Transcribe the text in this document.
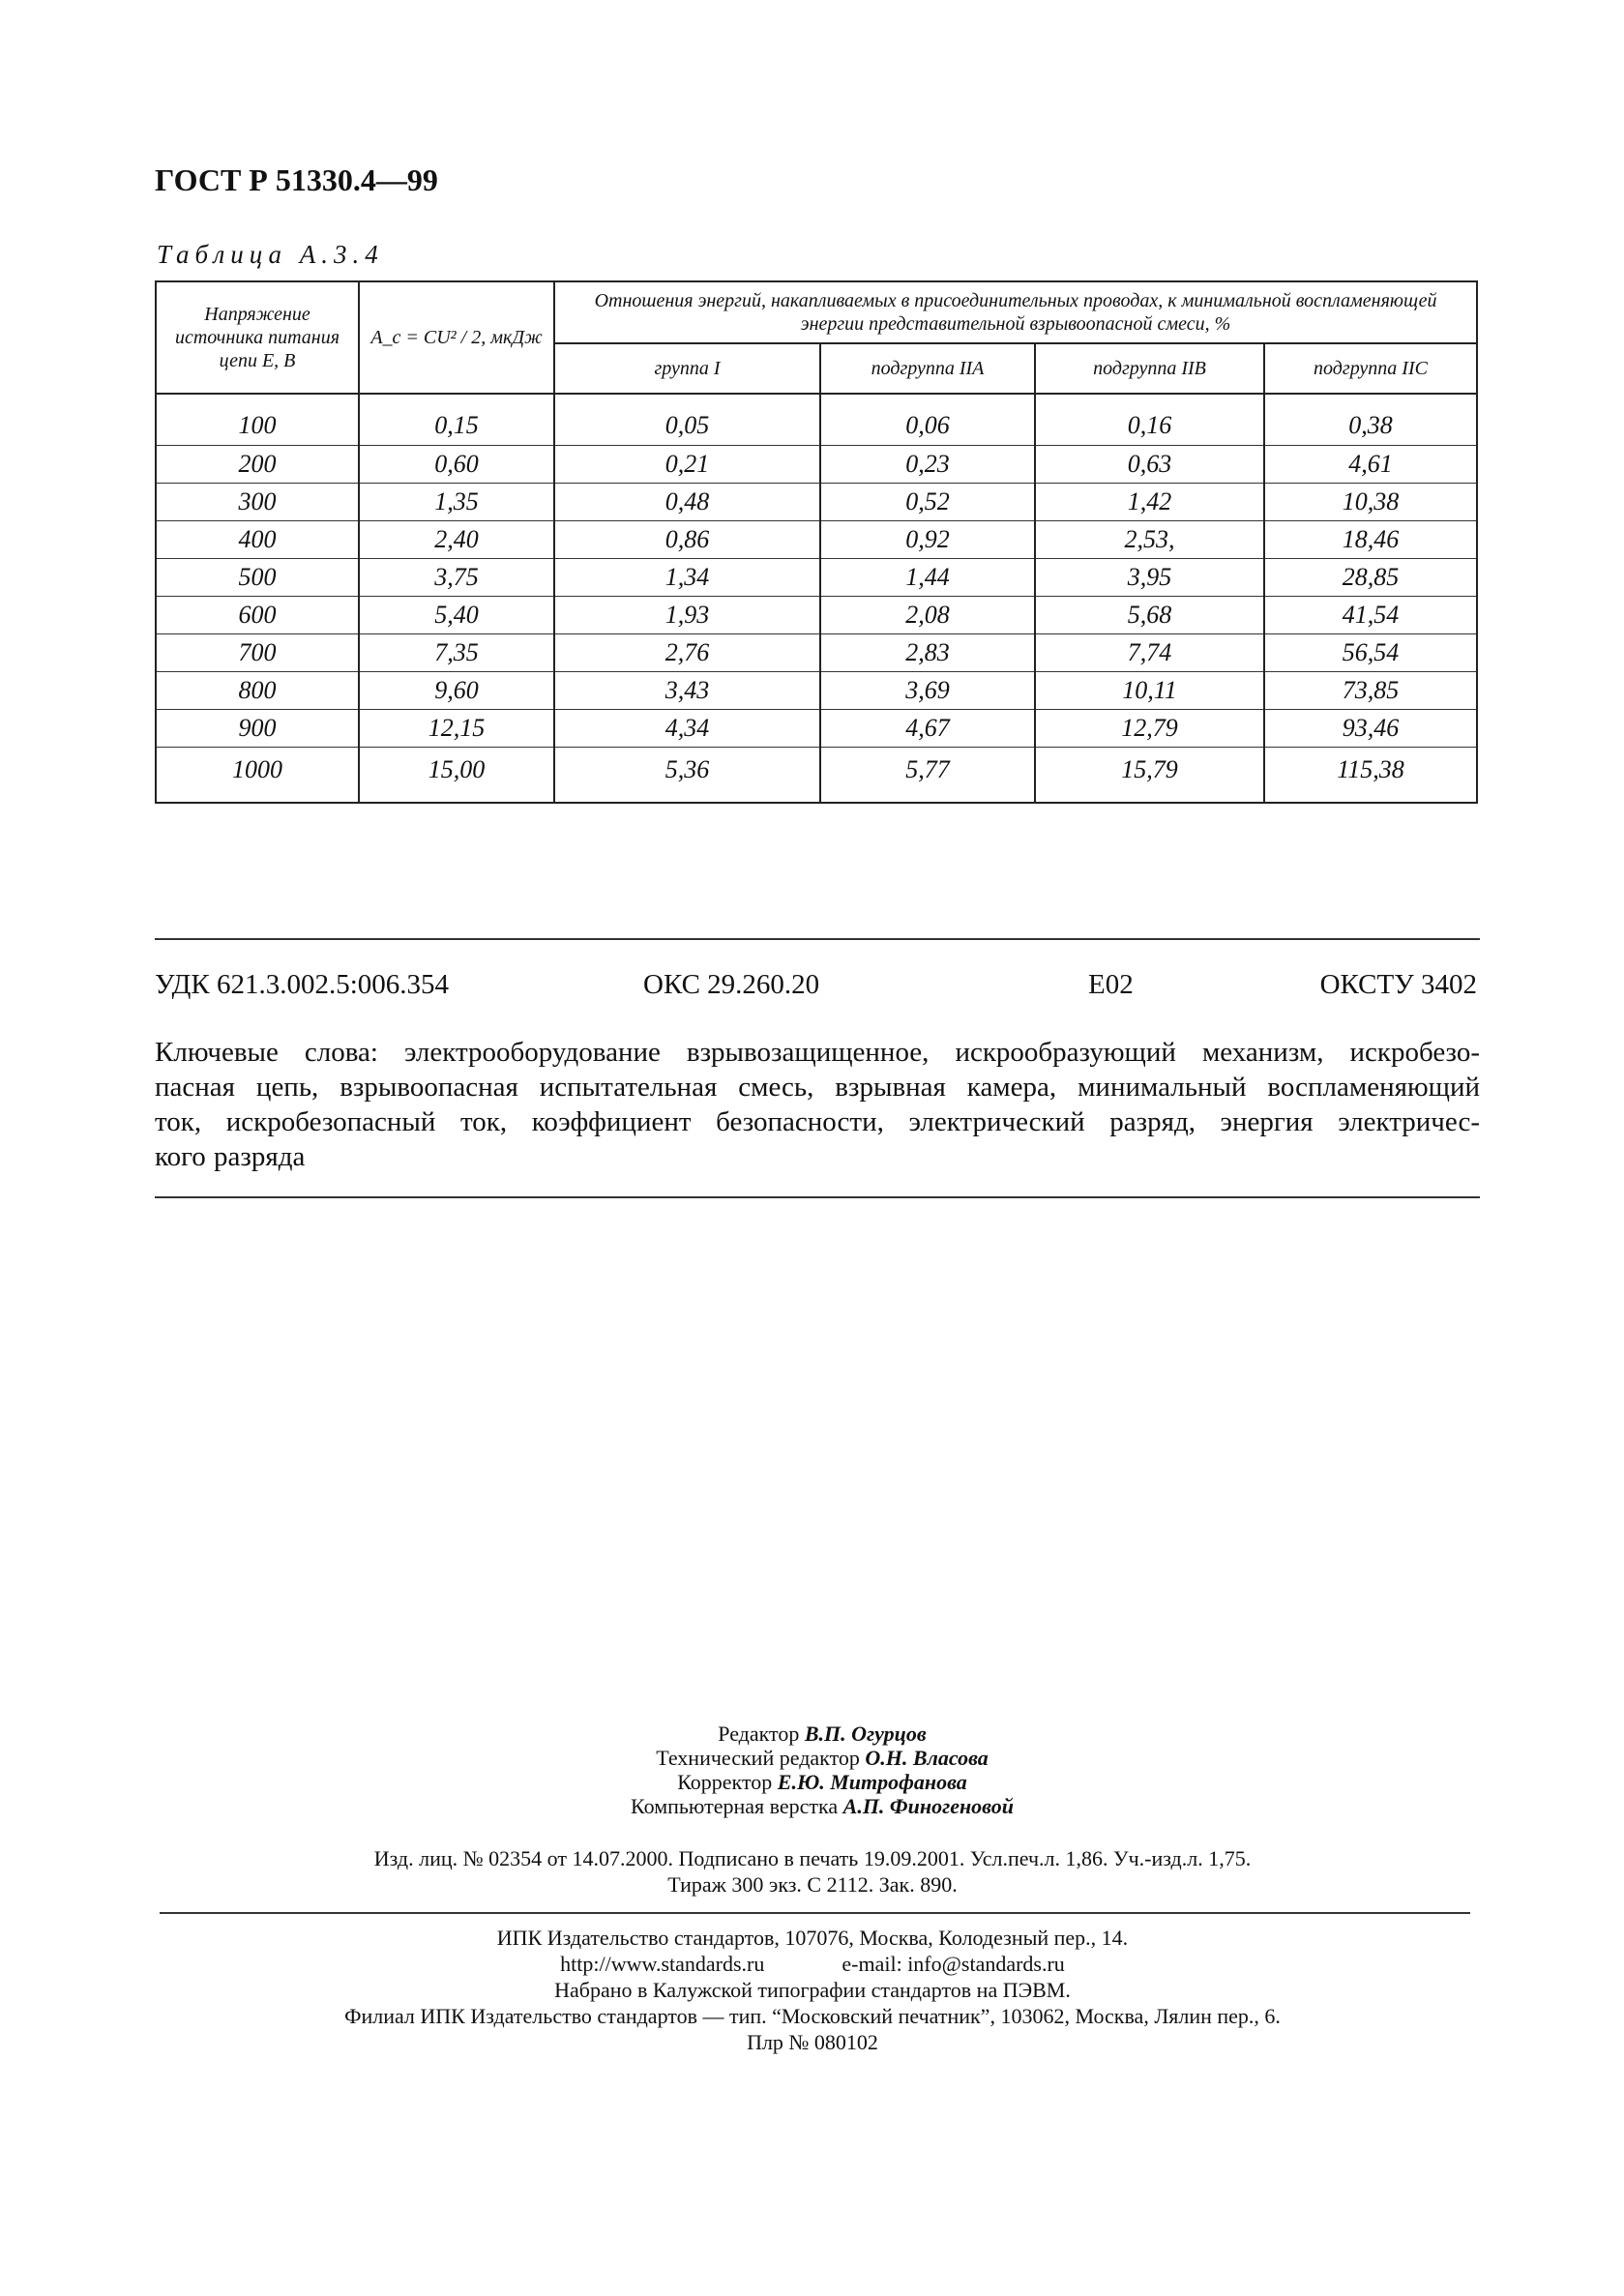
ГОСТ Р 51330.4—99
Таблица А.3.4
Напряжение источника питания цепи E, B	A_c = CU² / 2, мкДж	Отношения энергий, накапливаемых в присоединительных проводах, к минимальной воспламеняющей энергии представительной взрывоопасной смеси, %			
		группа I	подгруппа IIA	подгруппа IIB	подгруппа IIC
100	0,15	0,05	0,06	0,16	0,38
200	0,60	0,21	0,23	0,63	4,61
300	1,35	0,48	0,52	1,42	10,38
400	2,40	0,86	0,92	2,53,	18,46
500	3,75	1,34	1,44	3,95	28,85
600	5,40	1,93	2,08	5,68	41,54
700	7,35	2,76	2,83	7,74	56,54
800	9,60	3,43	3,69	10,11	73,85
900	12,15	4,34	4,67	12,79	93,46
1000	15,00	5,36	5,77	15,79	115,38
УДК 621.3.002.5:006.354	ОКС 29.260.20	Е02	ОКСТУ 3402
Ключевые слова: электрооборудование взрывозащищенное, искрообразующий механизм, искробезо-
пасная цепь, взрывоопасная испытательная смесь, взрывная камера, минимальный воспламеняющий
ток, искробезопасный ток, коэффициент безопасности, электрический разряд, энергия электричес-
кого разряда
Редактор В.П. Огурцов
Технический редактор О.Н. Власова
Корректор Е.Ю. Митрофанова
Компьютерная верстка А.П. Финогеновой
Изд. лиц. № 02354 от 14.07.2000. Подписано в печать 19.09.2001. Усл.печ.л. 1,86. Уч.-изд.л. 1,75.
Тираж 300 экз. С 2112. Зак. 890.
ИПК Издательство стандартов, 107076, Москва, Колодезный пер., 14.
http://www.standards.ru	e-mail: info@standards.ru
Набрано в Калужской типографии стандартов на ПЭВМ.
Филиал ИПК Издательство стандартов — тип. “Московский печатник”, 103062, Москва, Лялин пер., 6.
Плр № 080102
